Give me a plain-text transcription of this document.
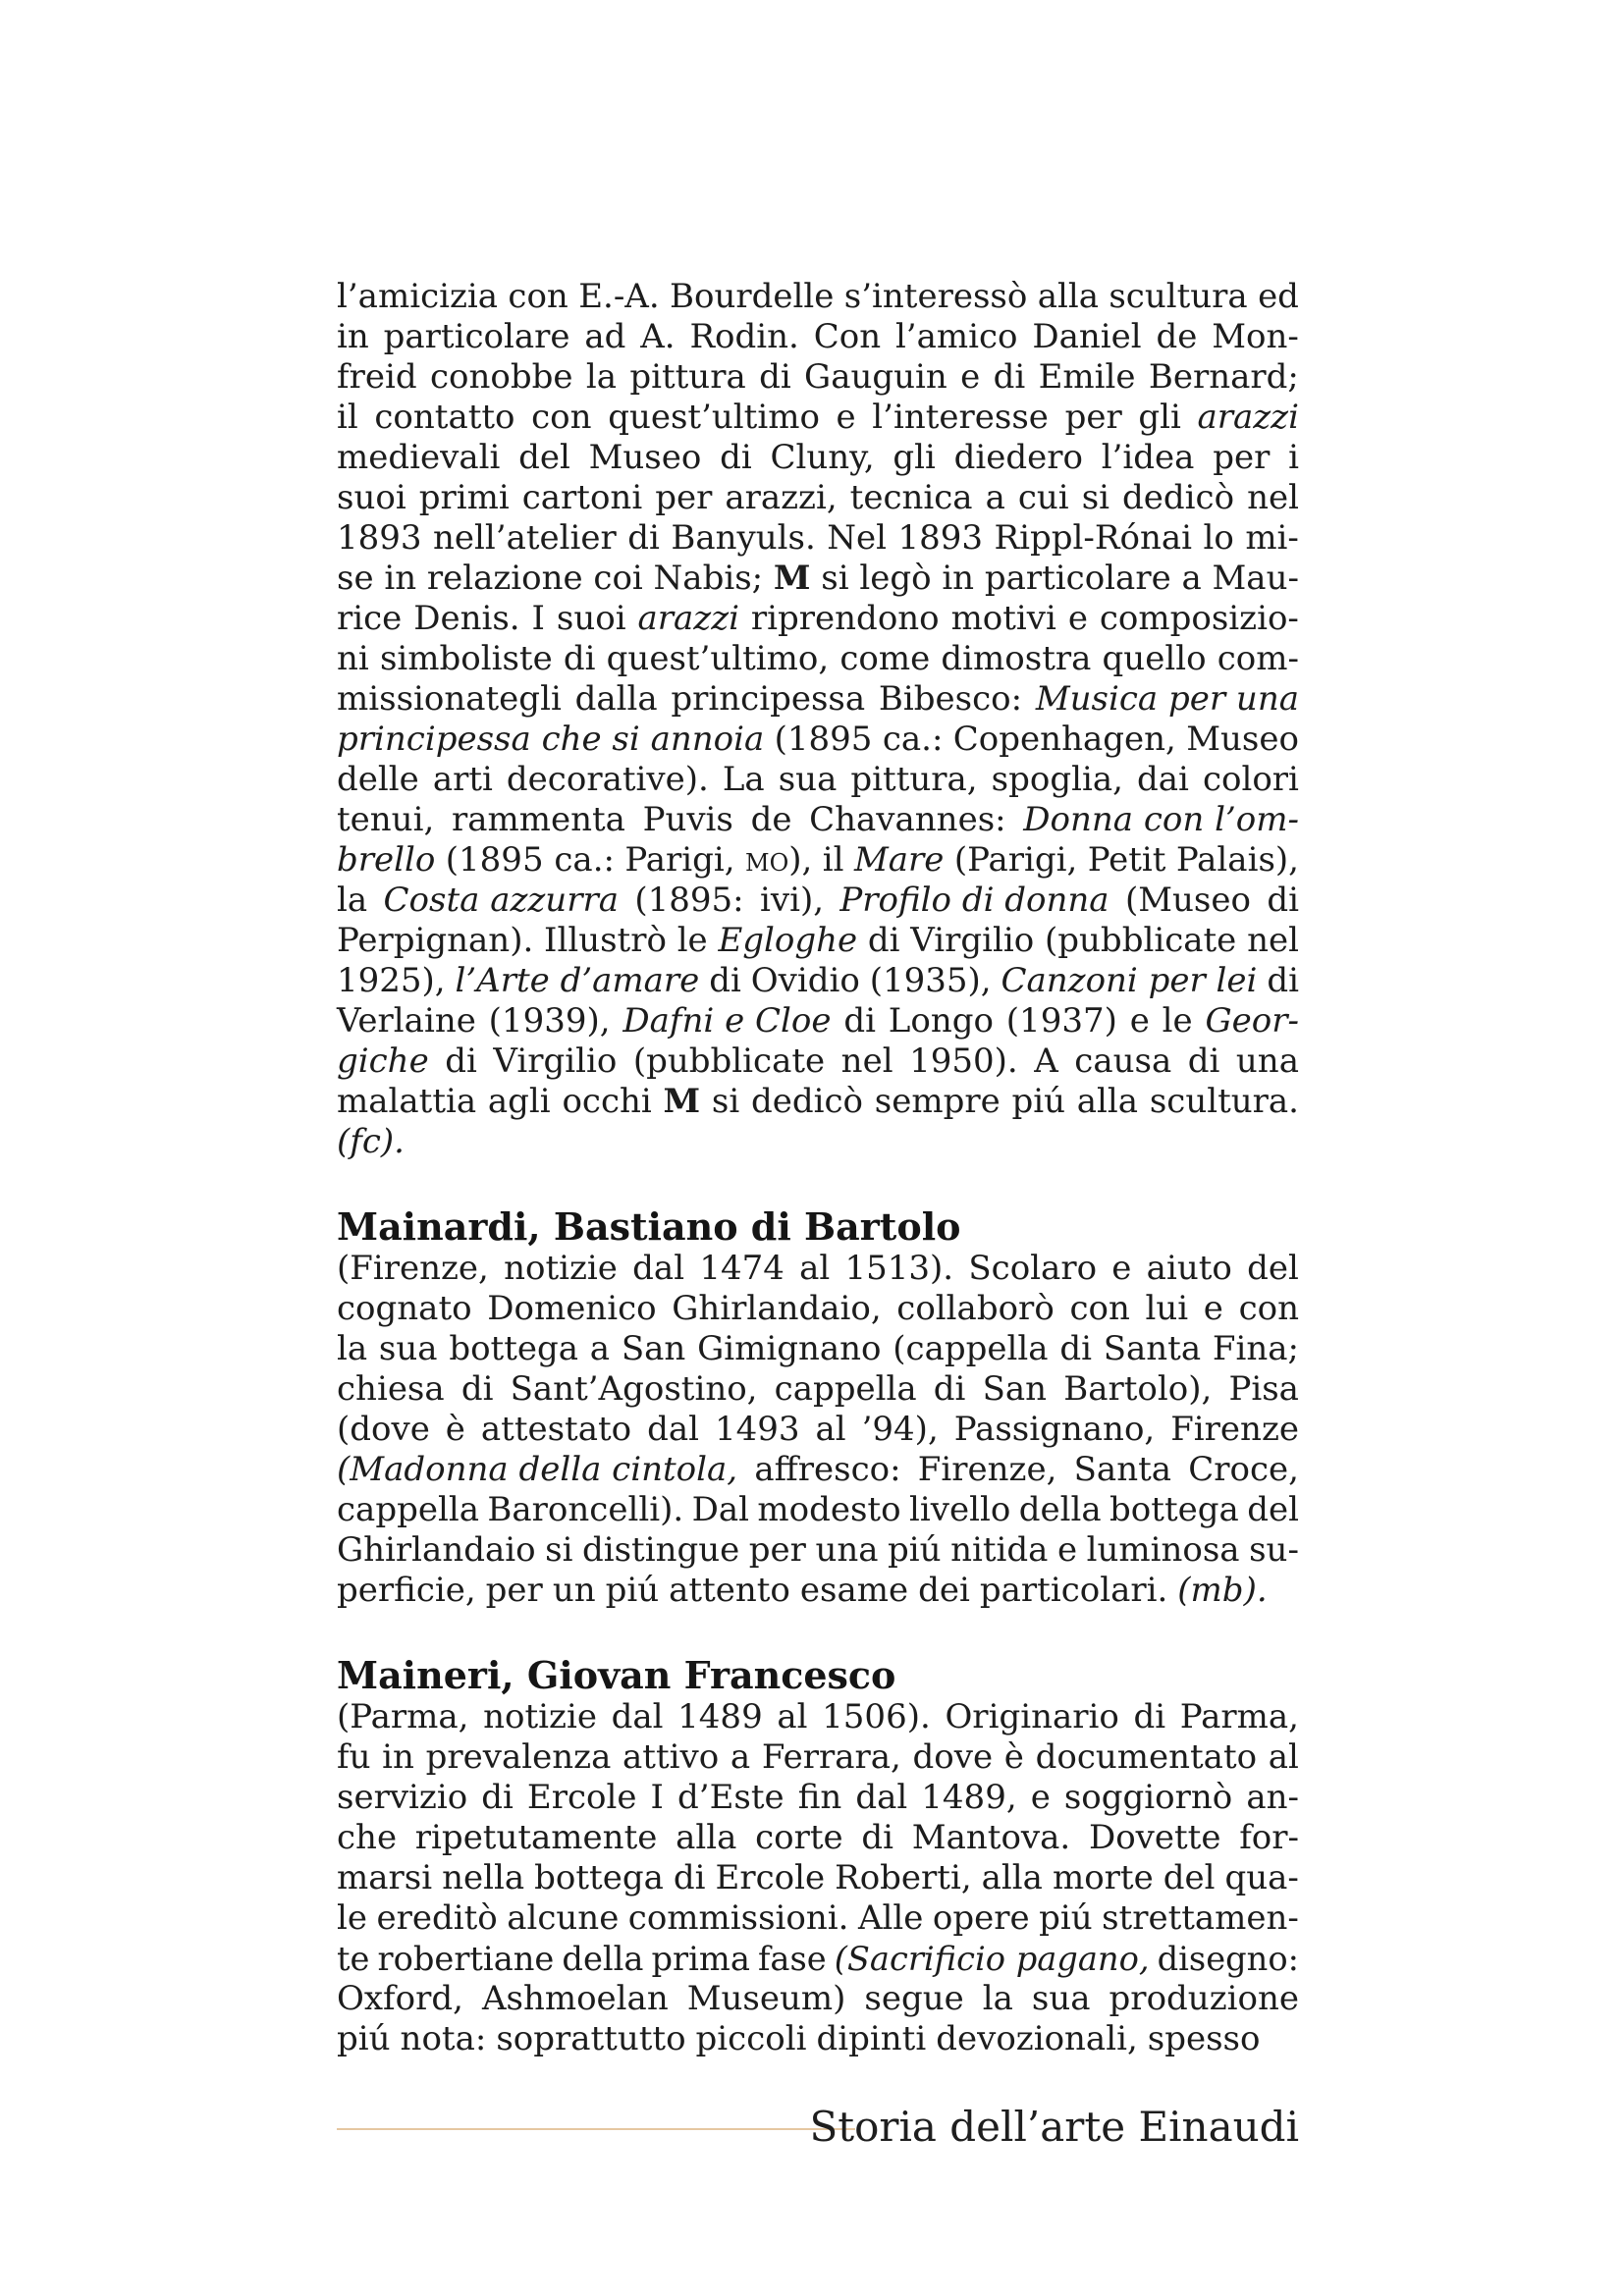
l’amicizia con E.-A. Bourdelle s’interessò alla scultura ed
in particolare ad A. Rodin. Con l’amico Daniel de Mon-
freid conobbe la pittura di Gauguin e di Emile Bernard;
il contatto con quest’ultimo e l’interesse per gli arazzi
medievali del Museo di Cluny, gli diedero l’idea per i
suoi primi cartoni per arazzi, tecnica a cui si dedicò nel
1893 nell’atelier di Banyuls. Nel 1893 Rippl-Rónai lo mi-
se in relazione coi Nabis; M si legò in particolare a Mau-
rice Denis. I suoi arazzi riprendono motivi e composizio-
ni simboliste di quest’ultimo, come dimostra quello com-
missionategli dalla principessa Bibesco: Musica per una
principessa che si annoia (1895 ca.: Copenhagen, Museo
delle arti decorative). La sua pittura, spoglia, dai colori
tenui, rammenta Puvis de Chavannes: Donna con l’om-
brello (1895 ca.: Parigi, mo), il Mare (Parigi, Petit Palais),
la Costa azzurra (1895: ivi), Profilo di donna (Museo di
Perpignan). Illustrò le Egloghe di Virgilio (pubblicate nel
1925), l’Arte d’amare di Ovidio (1935), Canzoni per lei di
Verlaine (1939), Dafni e Cloe di Longo (1937) e le Geor-
giche di Virgilio (pubblicate nel 1950). A causa di una
malattia agli occhi M si dedicò sempre piú alla scultura.
(fc).
Mainardi, Bastiano di Bartolo
(Firenze, notizie dal 1474 al 1513). Scolaro e aiuto del
cognato Domenico Ghirlandaio, collaborò con lui e con
la sua bottega a San Gimignano (cappella di Santa Fina;
chiesa di Sant’Agostino, cappella di San Bartolo), Pisa
(dove è attestato dal 1493 al ’94), Passignano, Firenze
(Madonna della cintola, affresco: Firenze, Santa Croce,
cappella Baroncelli). Dal modesto livello della bottega del
Ghirlandaio si distingue per una piú nitida e luminosa su-
perficie, per un piú attento esame dei particolari. (mb).
Maineri, Giovan Francesco
(Parma, notizie dal 1489 al 1506). Originario di Parma,
fu in prevalenza attivo a Ferrara, dove è documentato al
servizio di Ercole I d’Este fin dal 1489, e soggiornò an-
che ripetutamente alla corte di Mantova. Dovette for-
marsi nella bottega di Ercole Roberti, alla morte del qua-
le ereditò alcune commissioni. Alle opere piú strettamen-
te robertiane della prima fase (Sacrificio pagano, disegno:
Oxford, Ashmoelan Museum) segue la sua produzione
piú nota: soprattutto piccoli dipinti devozionali, spesso
Storia dell’arte Einaudi
